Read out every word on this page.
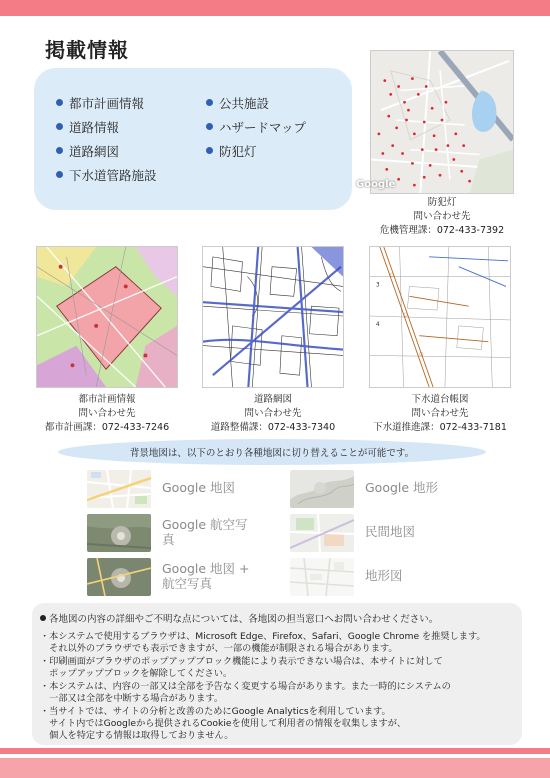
掲載情報
都市計画情報
道路情報
道路網図
下水道管路施設
公共施設
ハザードマップ
防犯灯
Google
防犯灯
問い合わせ先
危機管理課：072-433-7392
都市計画情報
問い合わせ先
都市計画課：072-433-7246
道路網図
問い合わせ先
道路整備課：072-433-7340
○
○
○
4
3
下水道台帳図
問い合わせ先
下水道推進課：072-433-7181
背景地図は、以下のとおり各種地図に切り替えることが可能です。
Google 地図	Google 地形
Google 航空写
真
民間地図
Google 地図 +
航空写真
地形図
各地図の内容の詳細やご不明な点については、各地図の担当窓口へお問い合わせください。
・本システムで使用するブラウザは、Microsoft Edge、Firefox、Safari、Google Chrome を推奨します。
　それ以外のブラウザでも表示できますが、一部の機能が制限される場合があります。
・印刷画面がブラウザのポップアップブロック機能により表示できない場合は、本サイトに対して
　ポップアップブロックを解除してください。
・本システムは、内容の一部又は全部を予告なく変更する場合があります。また一時的にシステムの
　一部又は全部を中断する場合があります。
・当サイトでは、サイトの分析と改善のためにGoogle Analyticsを利用しています。
　サイト内ではGoogleから提供されるCookieを使用して利用者の情報を収集しますが、
　個人を特定する情報は取得しておりません。
